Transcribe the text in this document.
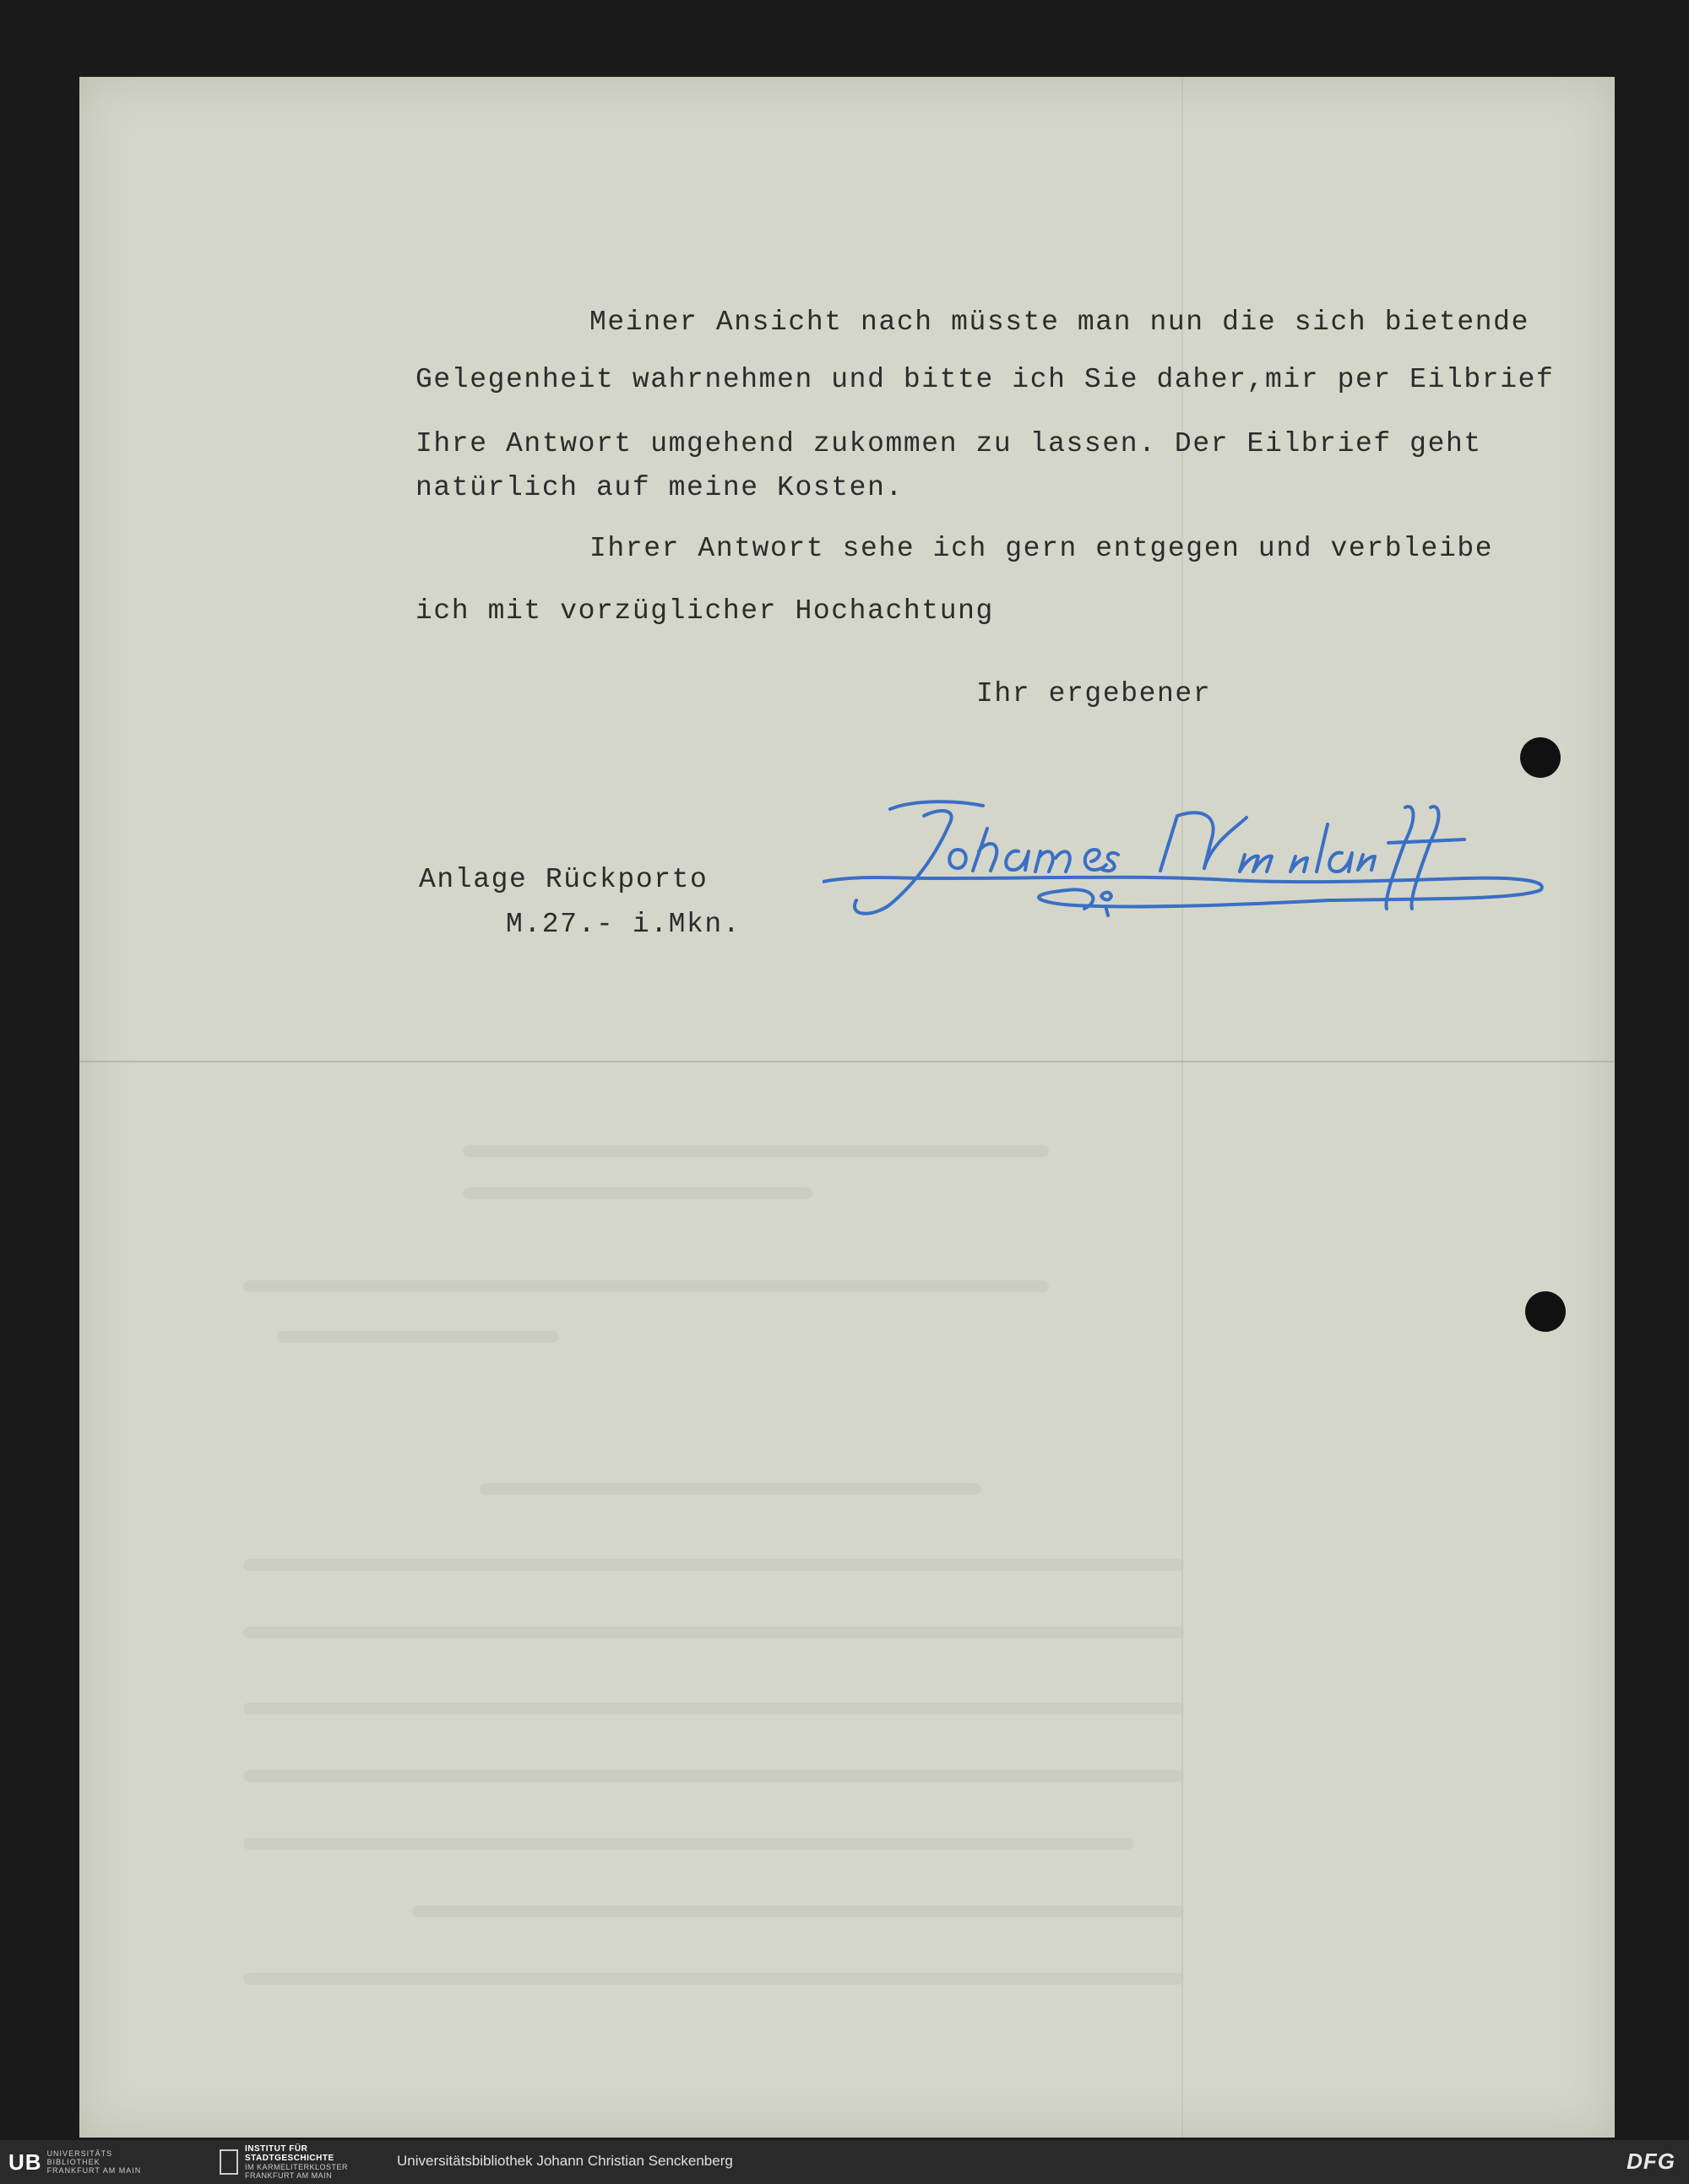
Meiner Ansicht nach müsste man nun die sich bietende
Gelegenheit wahrnehmen und bitte ich Sie daher,mir per Eilbrief
Ihre Antwort umgehend zukommen zu lassen. Der Eilbrief geht
natürlich auf meine Kosten.
Ihrer Antwort sehe ich gern entgegen und verbleibe
ich mit vorzüglicher Hochachtung
Ihr ergebener
Anlage Rückporto
M.27.- i.Mkn.
UB UNIVERSITÄTS
BIBLIOTHEK
FRANKFURT AM MAIN
INSTITUT FÜR
STADTGESCHICHTE
IM KARMELITERKLOSTER
FRANKFURT AM MAIN
Universitätsbibliothek Johann Christian Senckenberg	DFG
